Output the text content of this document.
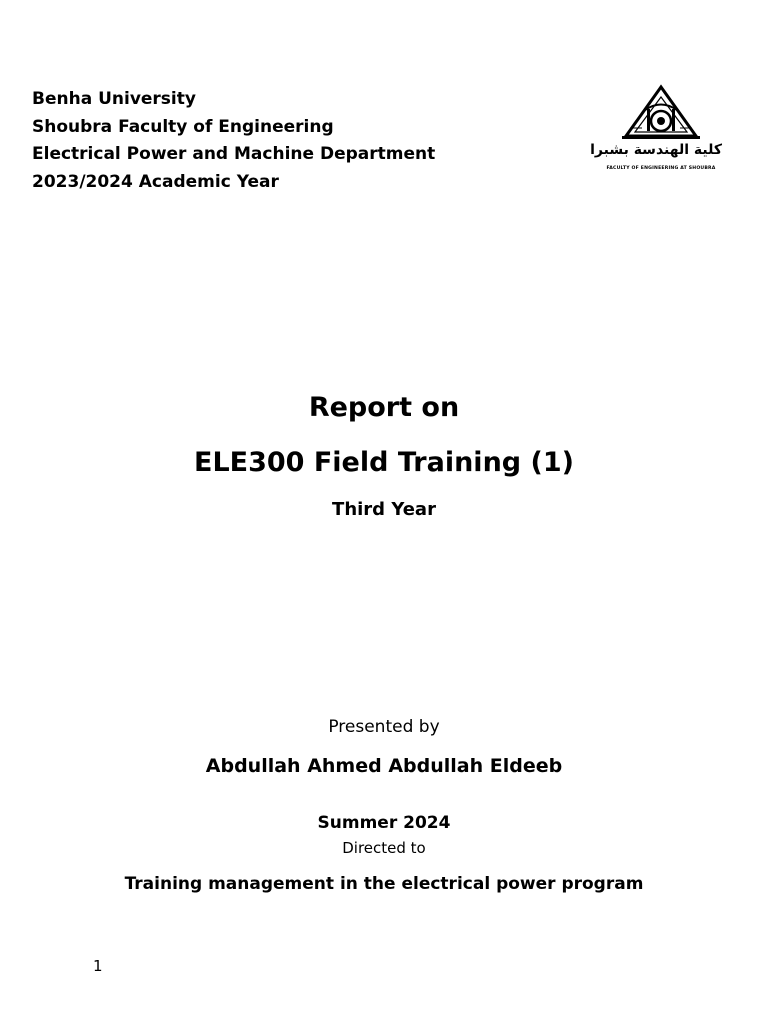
Benha University
Shoubra Faculty of Engineering
Electrical Power and Machine Department
2023/2024 Academic Year
كلية الهندسة بشبرا
FACULTY OF ENGINEERING AT SHOUBRA
Report on
ELE300 Field Training (1)
Third Year
Presented by
Abdullah Ahmed Abdullah Eldeeb
Summer 2024
Directed to
Training management in the electrical power program
1
